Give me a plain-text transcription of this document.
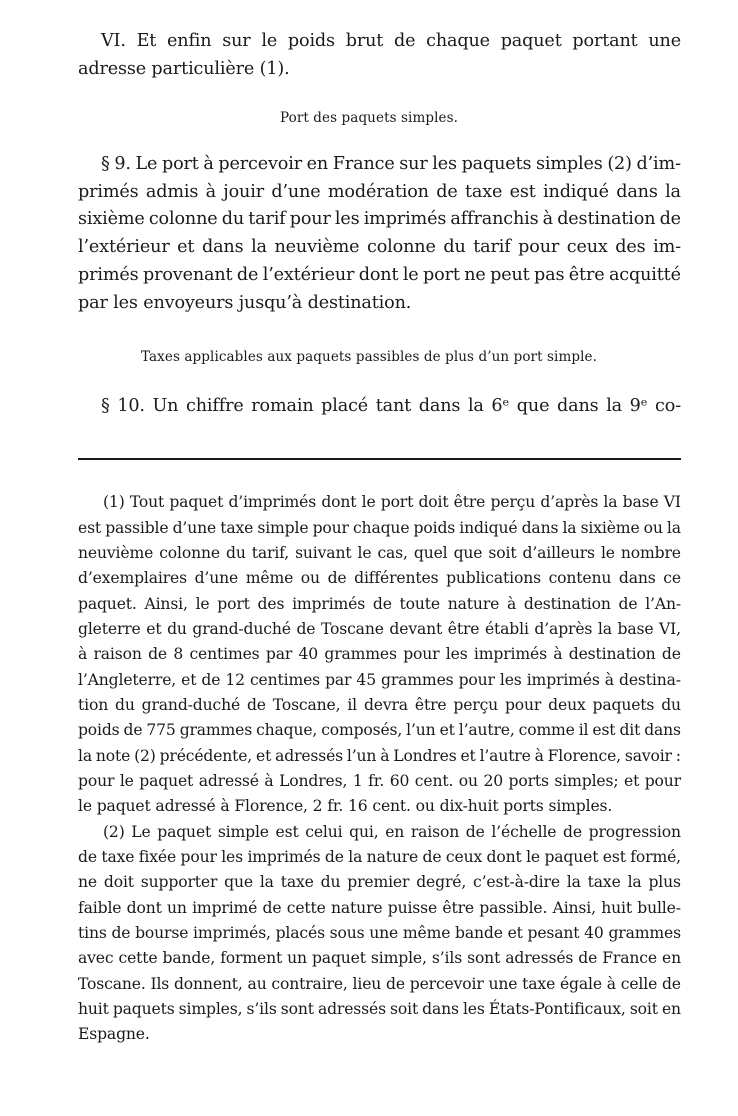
VI. Et enfin sur le poids brut de chaque paquet portant une
adresse particulière (1).
Port des paquets simples.
§ 9. Le port à percevoir en France sur les paquets simples (2) d’im-
primés admis à jouir d’une modération de taxe est indiqué dans la
sixième colonne du tarif pour les imprimés affranchis à destination de
l’extérieur et dans la neuvième colonne du tarif pour ceux des im-
primés provenant de l’extérieur dont le port ne peut pas être acquitté
par les envoyeurs jusqu’à destination.
Taxes applicables aux paquets passibles de plus d’un port simple.
§ 10. Un chiffre romain placé tant dans la 6ᵉ que dans la 9ᵉ co-
(1) Tout paquet d’imprimés dont le port doit être perçu d’après la base VI
est passible d’une taxe simple pour chaque poids indiqué dans la sixième ou la
neuvième colonne du tarif, suivant le cas, quel que soit d’ailleurs le nombre
d’exemplaires d’une même ou de différentes publications contenu dans ce
paquet. Ainsi, le port des imprimés de toute nature à destination de l’An-
gleterre et du grand-duché de Toscane devant être établi d’après la base VI,
à raison de 8 centimes par 40 grammes pour les imprimés à destination de
l’Angleterre, et de 12 centimes par 45 grammes pour les imprimés à destina-
tion du grand-duché de Toscane, il devra être perçu pour deux paquets du
poids de 775 grammes chaque, composés, l’un et l’autre, comme il est dit dans
la note (2) précédente, et adressés l’un à Londres et l’autre à Florence, savoir :
pour le paquet adressé à Londres, 1 fr. 60 cent. ou 20 ports simples; et pour
le paquet adressé à Florence, 2 fr. 16 cent. ou dix-huit ports simples.
(2) Le paquet simple est celui qui, en raison de l’échelle de progression
de taxe fixée pour les imprimés de la nature de ceux dont le paquet est formé,
ne doit supporter que la taxe du premier degré, c’est-à-dire la taxe la plus
faible dont un imprimé de cette nature puisse être passible. Ainsi, huit bulle-
tins de bourse imprimés, placés sous une même bande et pesant 40 grammes
avec cette bande, forment un paquet simple, s’ils sont adressés de France en
Toscane. Ils donnent, au contraire, lieu de percevoir une taxe égale à celle de
huit paquets simples, s’ils sont adressés soit dans les États-Pontificaux, soit en
Espagne.
